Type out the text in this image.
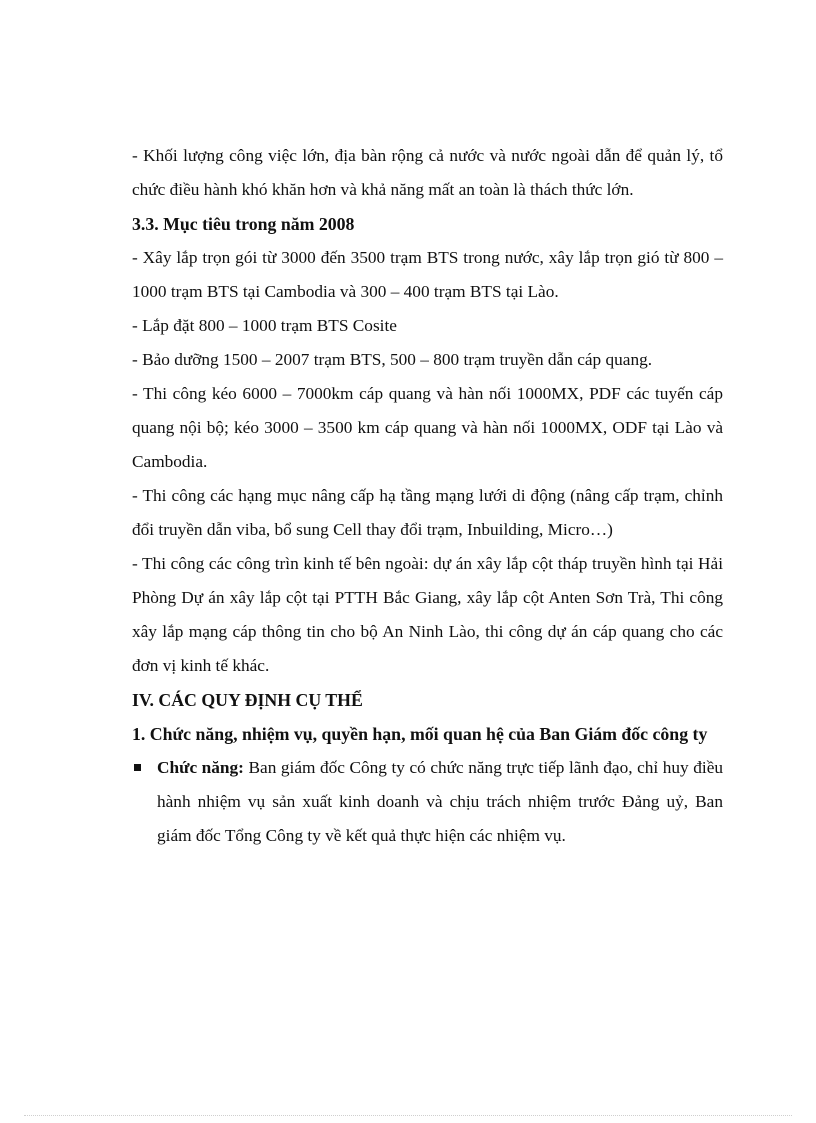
- Khối lượng công việc lớn, địa bàn rộng cả nước và nước ngoài dẫn để quản lý, tổ chức điều hành khó khăn hơn và khả năng mất an toàn là thách thức lớn.

3.3. Mục tiêu trong năm 2008

- Xây lắp trọn gói từ 3000 đến 3500 trạm BTS trong nước, xây lắp trọn gió từ 800 – 1000 trạm BTS tại Cambodia và 300 – 400 trạm BTS tại Lào.

- Lắp đặt 800 – 1000 trạm BTS Cosite

- Bảo dưỡng 1500 – 2007 trạm BTS, 500 – 800 trạm truyền dẫn cáp quang.

- Thi công kéo 6000 – 7000km cáp quang và hàn nối 1000MX, PDF các tuyến cáp quang nội bộ; kéo 3000 – 3500 km cáp quang và hàn nối 1000MX, ODF tại Lào và Cambodia.

- Thi công các hạng mục nâng cấp hạ tầng mạng lưới di động (nâng cấp trạm, chỉnh đổi truyền dẫn viba, bổ sung Cell thay đổi trạm, Inbuilding, Micro…)

- Thi công các công trìn kinh tế bên ngoài: dự án xây lắp cột tháp truyền hình tại Hải Phòng Dự án xây lắp cột tại PTTH Bắc Giang, xây lắp cột Anten Sơn Trà, Thi công xây lắp mạng cáp thông tin cho bộ An Ninh Lào, thi công dự án cáp quang cho các đơn vị kinh tế khác.

IV. CÁC QUY ĐỊNH CỤ THỂ

1. Chức năng, nhiệm vụ, quyền hạn, mối quan hệ của Ban Giám đốc công ty

Chức năng: Ban giám đốc Công ty có chức năng trực tiếp lãnh đạo, chỉ huy điều hành nhiệm vụ sản xuất kinh doanh và chịu trách nhiệm trước Đảng uỷ, Ban giám đốc Tổng Công ty về kết quả thực hiện các nhiệm vụ.
